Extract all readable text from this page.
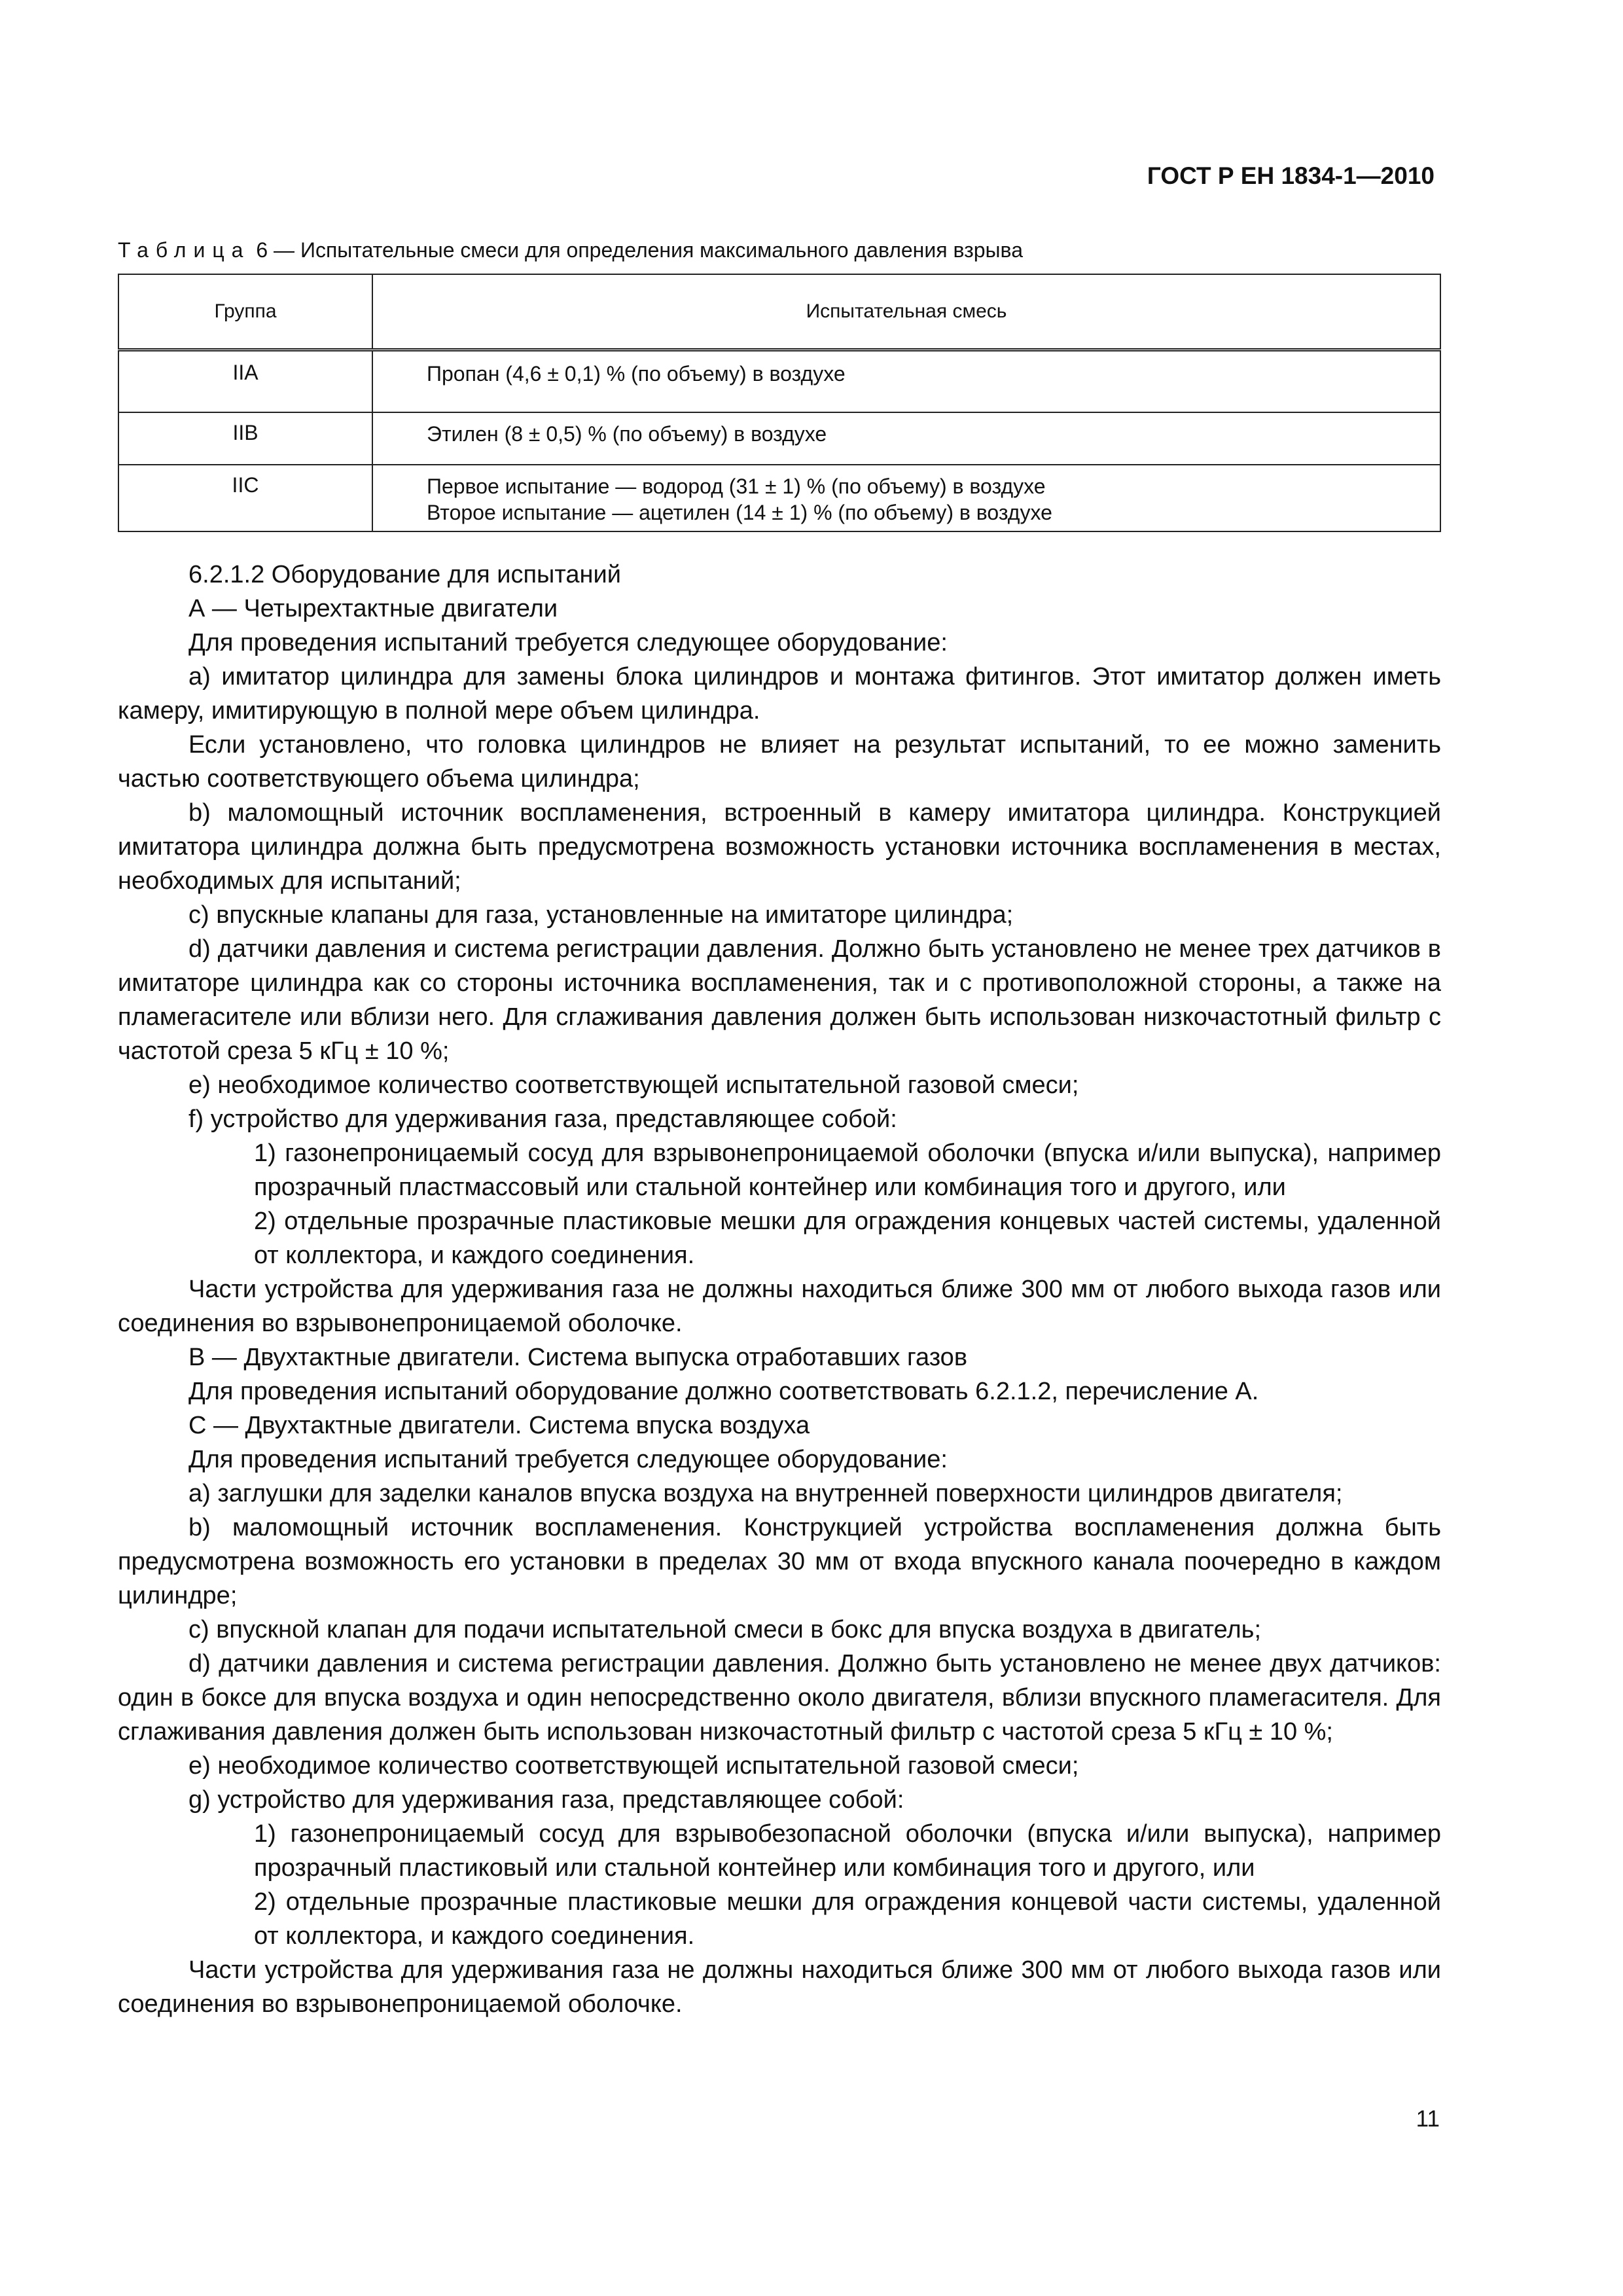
ГОСТ Р ЕН 1834-1—2010
Таблица 6 — Испытательные смеси для определения максимального давления взрыва
Группа	Испытательная смесь
IIA	Пропан (4,6 ± 0,1) % (по объему) в воздухе

IIB	Этилен (8 ± 0,5) % (по объему) в воздухе

IIC	Первое испытание — водород (31 ± 1) % (по объему) в воздухе
Второе испытание — ацетилен (14 ± 1) % (по объему) в воздухе

6.2.1.2 Оборудование для испытаний

А — Четырехтактные двигатели

Для проведения испытаний требуется следующее оборудование:

a) имитатор цилиндра для замены блока цилиндров и монтажа фитингов. Этот имитатор должен иметь камеру, имитирующую в полной мере объем цилиндра.

Если установлено, что головка цилиндров не влияет на результат испытаний, то ее можно заменить частью соответствующего объема цилиндра;

b) маломощный источник воспламенения, встроенный в камеру имитатора цилиндра. Конструкцией имитатора цилиндра должна быть предусмотрена возможность установки источника воспламенения в местах, необходимых для испытаний;

c) впускные клапаны для газа, установленные на имитаторе цилиндра;

d) датчики давления и система регистрации давления. Должно быть установлено не менее трех датчиков в имитаторе цилиндра как со стороны источника воспламенения, так и с противоположной стороны, а также на пламегасителе или вблизи него. Для сглаживания давления должен быть использован низкочастотный фильтр с частотой среза 5 кГц ± 10 %;

e) необходимое количество соответствующей испытательной газовой смеси;

f) устройство для удерживания газа, представляющее собой:

1) газонепроницаемый сосуд для взрывонепроницаемой оболочки (впуска и/или выпуска), например прозрачный пластмассовый или стальной контейнер или комбинация того и другого, или

2) отдельные прозрачные пластиковые мешки для ограждения концевых частей системы, удаленной от коллектора, и каждого соединения.

Части устройства для удерживания газа не должны находиться ближе 300 мм от любого выхода газов или соединения во взрывонепроницаемой оболочке.

В — Двухтактные двигатели. Система выпуска отработавших газов

Для проведения испытаний оборудование должно соответствовать 6.2.1.2, перечисление А.

С — Двухтактные двигатели. Система впуска воздуха

Для проведения испытаний требуется следующее оборудование:

a) заглушки для заделки каналов впуска воздуха на внутренней поверхности цилиндров двигателя;

b) маломощный источник воспламенения. Конструкцией устройства воспламенения должна быть предусмотрена возможность его установки в пределах 30 мм от входа впускного канала поочередно в каждом цилиндре;

c) впускной клапан для подачи испытательной смеси в бокс для впуска воздуха в двигатель;

d) датчики давления и система регистрации давления. Должно быть установлено не менее двух датчиков: один в боксе для впуска воздуха и один непосредственно около двигателя, вблизи впускного пламегасителя. Для сглаживания давления должен быть использован низкочастотный фильтр с частотой среза 5 кГц ± 10 %;

e) необходимое количество соответствующей испытательной газовой смеси;

g) устройство для удерживания газа, представляющее собой:

1) газонепроницаемый сосуд для взрывобезопасной оболочки (впуска и/или выпуска), например прозрачный пластиковый или стальной контейнер или комбинация того и другого, или

2) отдельные прозрачные пластиковые мешки для ограждения концевой части системы, удаленной от коллектора, и каждого соединения.

Части устройства для удерживания газа не должны находиться ближе 300 мм от любого выхода газов или соединения во взрывонепроницаемой оболочке.

11
